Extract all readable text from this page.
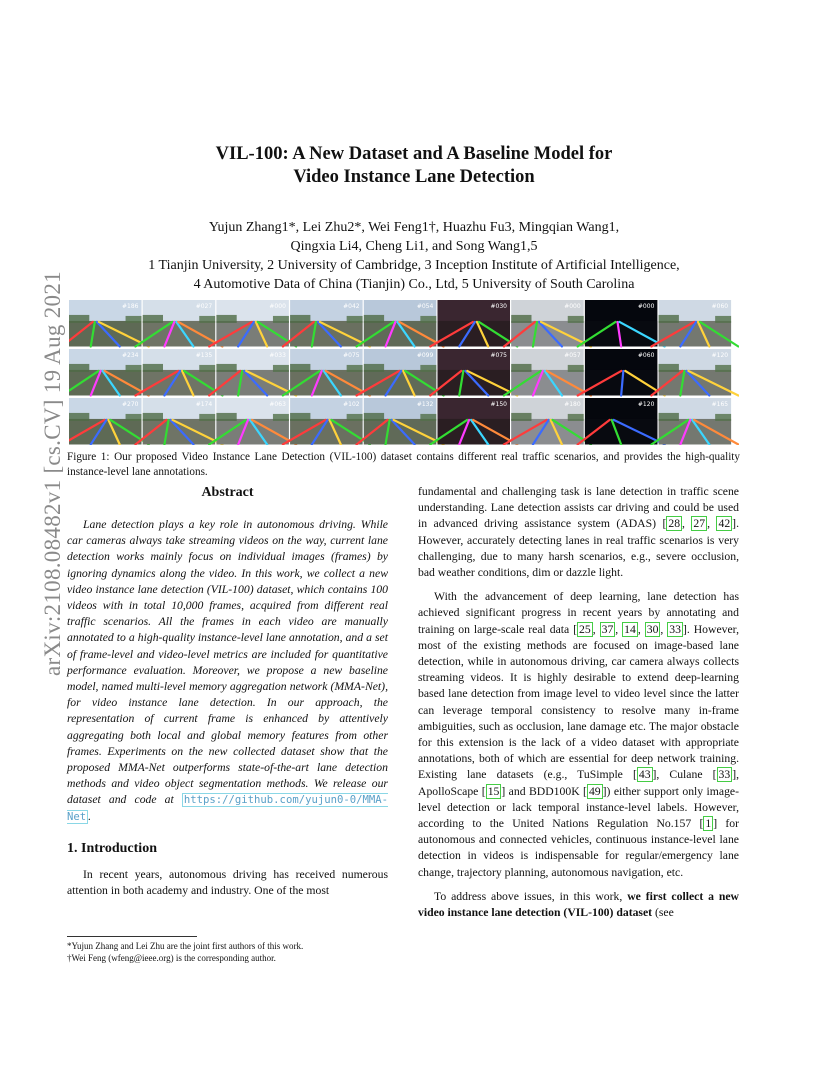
arXiv:2108.08482v1 [cs.CV] 19 Aug 2021
VIL-100: A New Dataset and A Baseline Model for
Video Instance Lane Detection
Yujun Zhang1*, Lei Zhu2*, Wei Feng1†, Huazhu Fu3, Mingqian Wang1,
Qingxia Li4, Cheng Li1, and Song Wang1,5
1 Tianjin University, 2 University of Cambridge, 3 Inception Institute of Artificial Intelligence,
4 Automotive Data of China (Tianjin) Co., Ltd, 5 University of South Carolina
#186	#027	#000	#042	#054	#030	#000	#000	#060
#234	#135	#033	#075	#099	#075	#057	#060	#120
#270	#174	#063	#102	#132	#150	#180	#120	#165
Figure 1: Our proposed Video Instance Lane Detection (VIL-100) dataset contains different real traffic scenarios, and provides the high-quality instance-level lane annotations.
Abstract

Lane detection plays a key role in autonomous driving. While car cameras always take streaming videos on the way, current lane detection works mainly focus on individual images (frames) by ignoring dynamics along the video. In this work, we collect a new video instance lane detection (VIL-100) dataset, which contains 100 videos with in total 10,000 frames, acquired from different real traffic scenarios. All the frames in each video are manually annotated to a high-quality instance-level lane annotation, and a set of frame-level and video-level metrics are included for quantitative performance evaluation. Moreover, we propose a new baseline model, named multi-level memory aggregation network (MMA-Net), for video instance lane detection. In our approach, the representation of current frame is enhanced by attentively aggregating both local and global memory features from other frames. Experiments on the new collected dataset show that the proposed MMA-Net outperforms state-of-the-art lane detection methods and video object segmentation methods. We release our dataset and code at https://github.com/yujun0-0/MMA-Net .

1. Introduction

In recent years, autonomous driving has received numerous attention in both academy and industry. One of the most

*Yujun Zhang and Lei Zhu are the joint first authors of this work.
†Wei Feng (wfeng@ieee.org) is the corresponding author.

fundamental and challenging task is lane detection in traffic scene understanding. Lane detection assists car driving and could be used in advanced driving assistance system (ADAS) [ 28 , 27 , 42 ]. However, accurately detecting lanes in real traffic scenarios is very challenging, due to many harsh scenarios, e.g., severe occlusion, bad weather conditions, dim or dazzle light.

With the advancement of deep learning, lane detection has achieved significant progress in recent years by annotating and training on large-scale real data [ 25 , 37 , 14 , 30 , 33 ]. However, most of the existing methods are focused on image-based lane detection, while in autonomous driving, car camera always collects streaming videos. It is highly desirable to extend deep-learning based lane detection from image level to video level since the latter can leverage temporal consistency to resolve many in-frame ambiguities, such as occlusion, lane damage etc. The major obstacle for this extension is the lack of a video dataset with appropriate annotations, both of which are essential for deep network training. Existing lane datasets (e.g., TuSimple [ 43 ], Culane [ 33 ], ApolloScape [ 15 ] and BDD100K [ 49 ]) either support only image-level detection or lack temporal instance-level labels. However, according to the United Nations Regulation No.157 [ 1 ] for autonomous and connected vehicles, continuous instance-level lane detection in videos is indispensable for regular/emergency lane change, trajectory planning, autonomous navigation, etc.

To address above issues, in this work, we first collect a new video instance lane detection (VIL-100) dataset (see
